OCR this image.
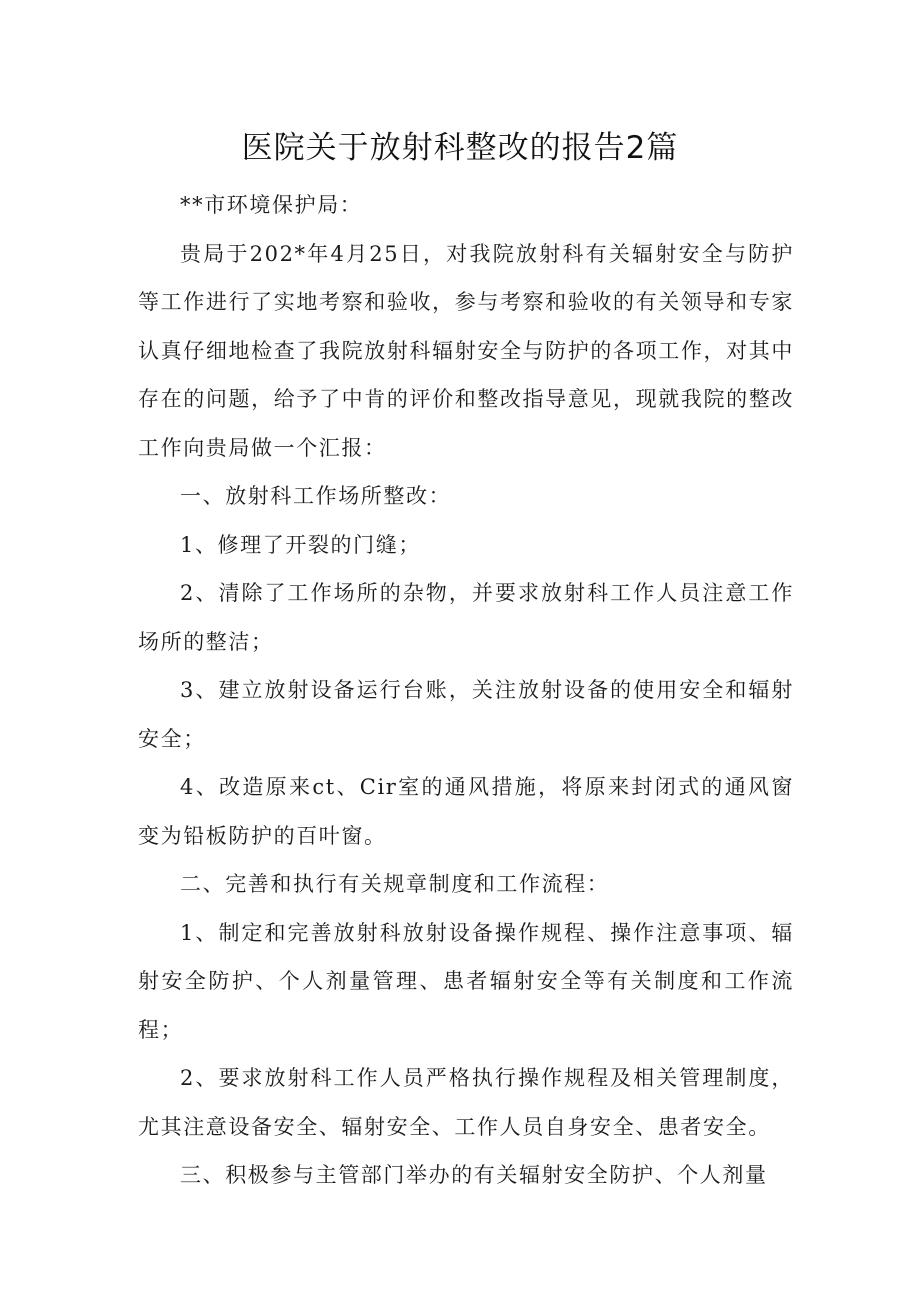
医院关于放射科整改的报告2篇

**市环境保护局：

贵局于202*年4月25日，对我院放射科有关辐射安全与防护等工作进行了实地考察和验收，参与考察和验收的有关领导和专家认真仔细地检查了我院放射科辐射安全与防护的各项工作，对其中存在的问题，给予了中肯的评价和整改指导意见，现就我院的整改工作向贵局做一个汇报：

一、放射科工作场所整改：

1、修理了开裂的门缝；

2、清除了工作场所的杂物，并要求放射科工作人员注意工作场所的整洁；

3、建立放射设备运行台账，关注放射设备的使用安全和辐射安全；

4、改造原来ct、Cir室的通风措施，将原来封闭式的通风窗变为铅板防护的百叶窗。

二、完善和执行有关规章制度和工作流程：

1、制定和完善放射科放射设备操作规程、操作注意事项、辐射安全防护、个人剂量管理、患者辐射安全等有关制度和工作流程；

2、要求放射科工作人员严格执行操作规程及相关管理制度，尤其注意设备安全、辐射安全、工作人员自身安全、患者安全。

三、积极参与主管部门举办的有关辐射安全防护、个人剂量
